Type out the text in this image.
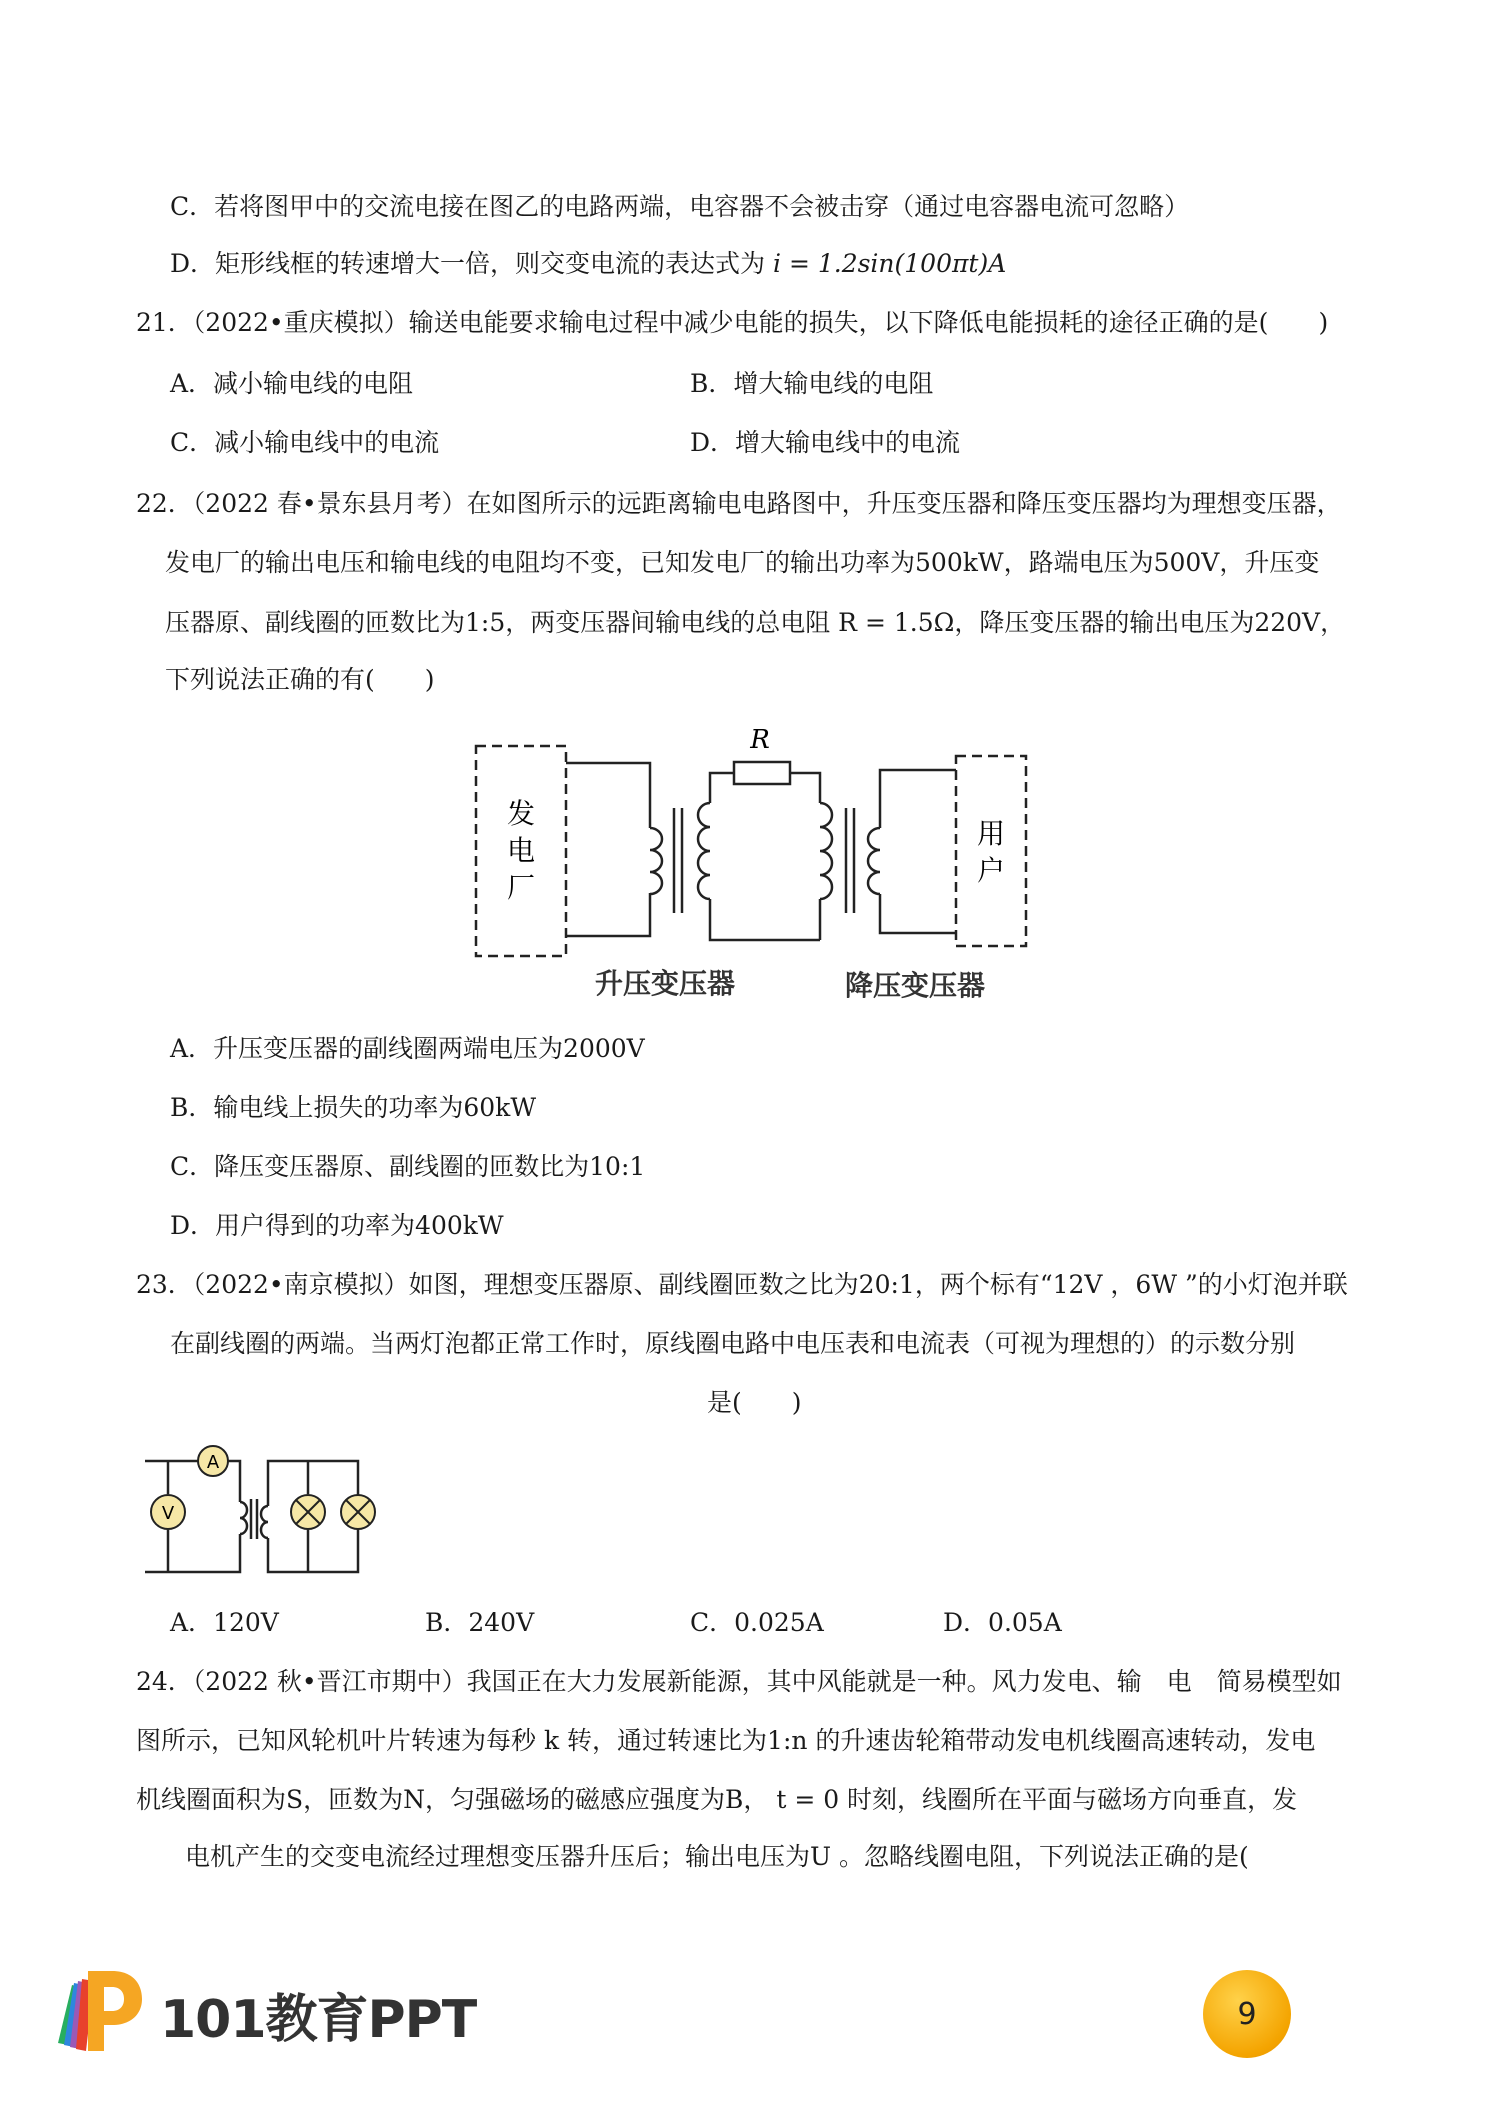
C．若将图甲中的交流电接在图乙的电路两端，电容器不会被击穿（通过电容器电流可忽略）
D．矩形线框的转速增大一倍，则交变电流的表达式为 i = 1.2sin(100πt)A
21．（2022•重庆模拟）输送电能要求输电过程中减少电能的损失，以下降低电能损耗的途径正确的是(　　)
A．减小输电线的电阻	B．增大输电线的电阻
C．减小输电线中的电流	D．增大输电线中的电流
22．（2022 春•景东县月考）在如图所示的远距离输电电路图中，升压变压器和降压变压器均为理想变压器，
发电厂的输出电压和输电线的电阻均不变，已知发电厂的输出功率为500kW，路端电压为500V，升压变
压器原、副线圈的匝数比为1:5，两变压器间输电线的总电阻 R = 1.5Ω，降压变压器的输出电压为220V，
下列说法正确的有(　　)
R
发
电
厂
用
户
升压变压器	降压变压器
A．升压变压器的副线圈两端电压为2000V
B．输电线上损失的功率为60kW
C．降压变压器原、副线圈的匝数比为10:1
D．用户得到的功率为400kW
23．（2022•南京模拟）如图，理想变压器原、副线圈匝数之比为20:1，两个标有“12V ，6W ”的小灯泡并联
在副线圈的两端。当两灯泡都正常工作时，原线圈电路中电压表和电流表（可视为理想的）的示数分别
是(　　)
A
V
A．120V	B．240V	C．0.025A	D．0.05A
24．（2022 秋•晋江市期中）我国正在大力发展新能源，其中风能就是一种。风力发电、输　电　简易模型如
图所示，已知风轮机叶片转速为每秒 k 转，通过转速比为1:n 的升速齿轮箱带动发电机线圈高速转动，发电
机线圈面积为S，匝数为N，匀强磁场的磁感应强度为B， t = 0 时刻，线圈所在平面与磁场方向垂直，发
电机产生的交变电流经过理想变压器升压后；输出电压为U 。忽略线圈电阻，下列说法正确的是(
101教育PPT	9
